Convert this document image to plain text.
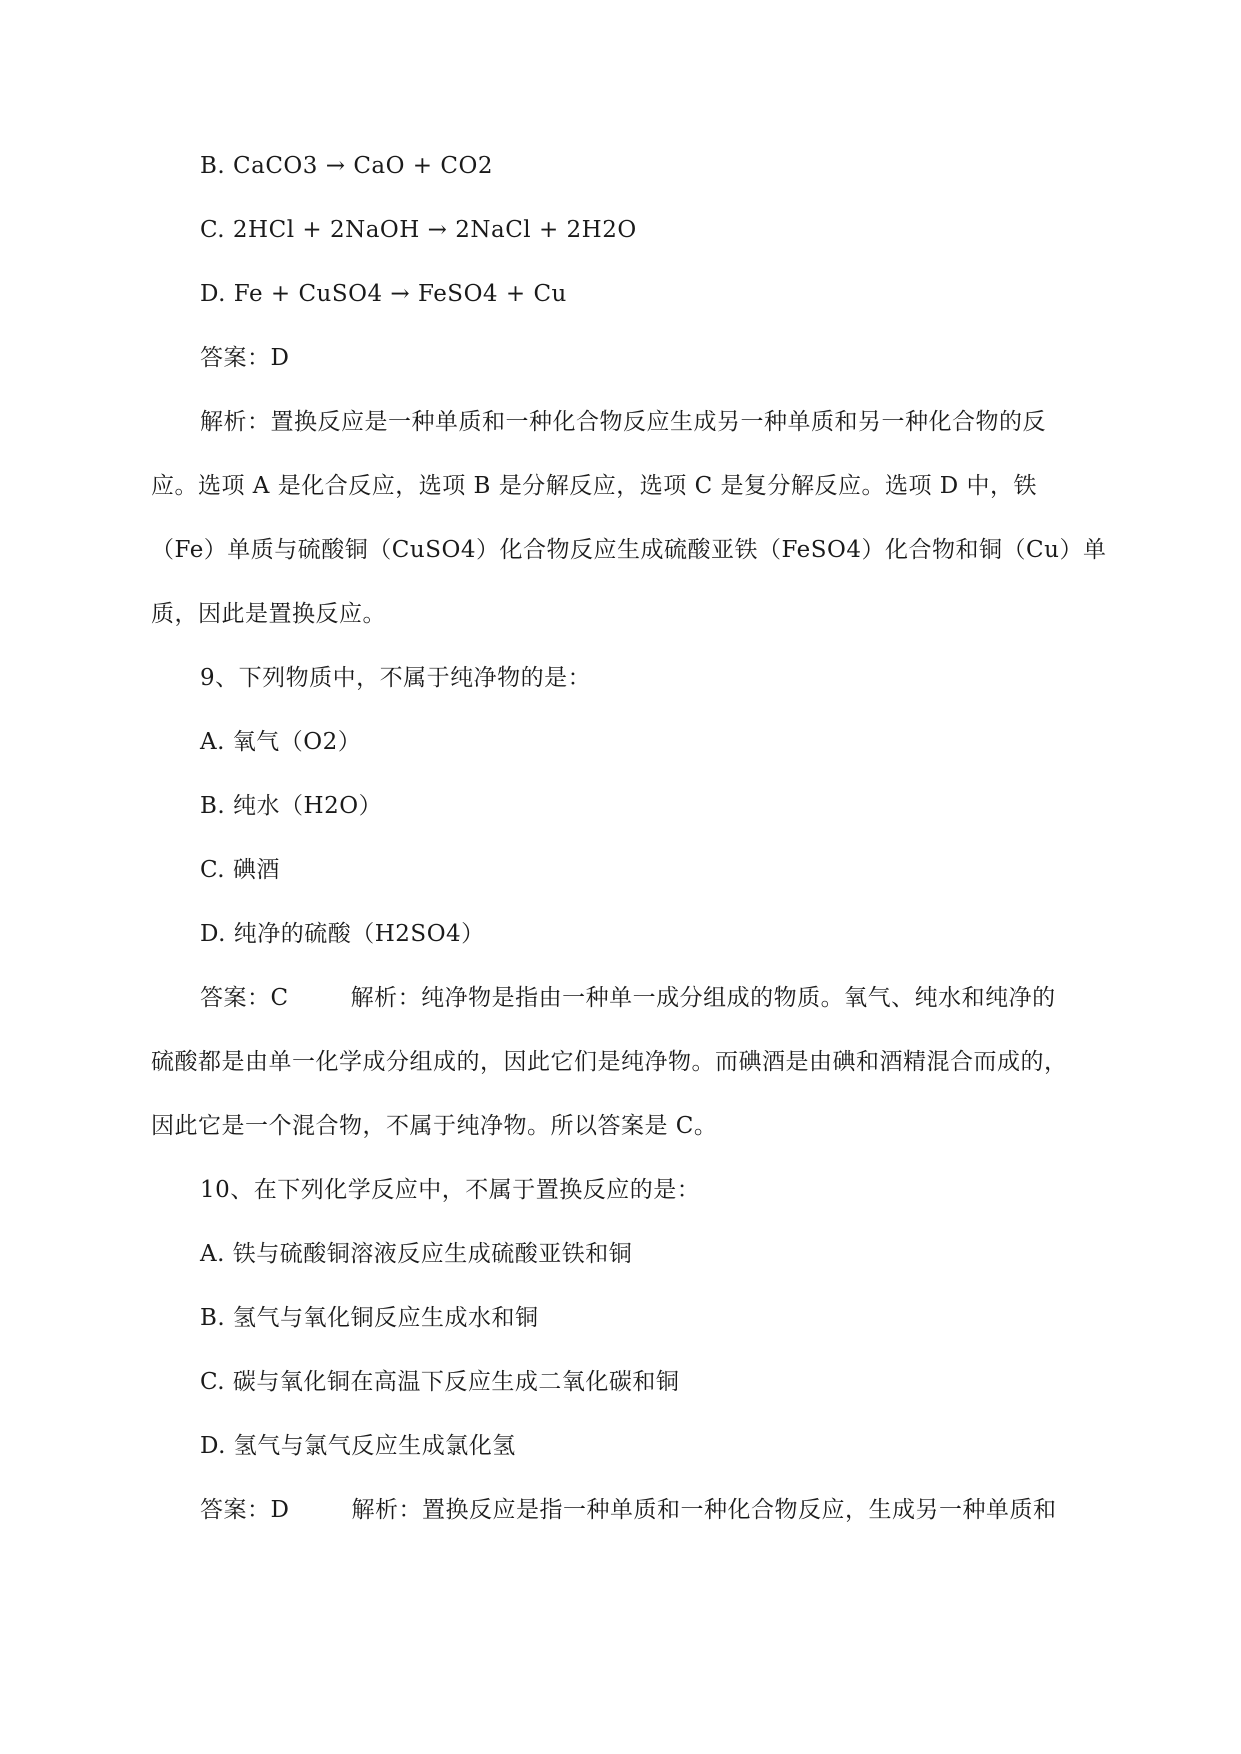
B. CaCO3 → CaO + CO2
C. 2HCl + 2NaOH → 2NaCl + 2H2O
D. Fe + CuSO4 → FeSO4 + Cu
答案：D
解析：置换反应是一种单质和一种化合物反应生成另一种单质和另一种化合物的反
应。选项 A 是化合反应，选项 B 是分解反应，选项 C 是复分解反应。选项 D 中，铁
（Fe）单质与硫酸铜（CuSO4）化合物反应生成硫酸亚铁（FeSO4）化合物和铜（Cu）单
质，因此是置换反应。
9、下列物质中，不属于纯净物的是：
A. 氧气（O2）
B. 纯水（H2O）
C. 碘酒
D. 纯净的硫酸（H2SO4）
答案：C	解析：纯净物是指由一种单一成分组成的物质。氧气、纯水和纯净的
硫酸都是由单一化学成分组成的，因此它们是纯净物。而碘酒是由碘和酒精混合而成的，
因此它是一个混合物，不属于纯净物。所以答案是 C。
10、在下列化学反应中，不属于置换反应的是：
A. 铁与硫酸铜溶液反应生成硫酸亚铁和铜
B. 氢气与氧化铜反应生成水和铜
C. 碳与氧化铜在高温下反应生成二氧化碳和铜
D. 氢气与氯气反应生成氯化氢
答案：D	解析：置换反应是指一种单质和一种化合物反应，生成另一种单质和
